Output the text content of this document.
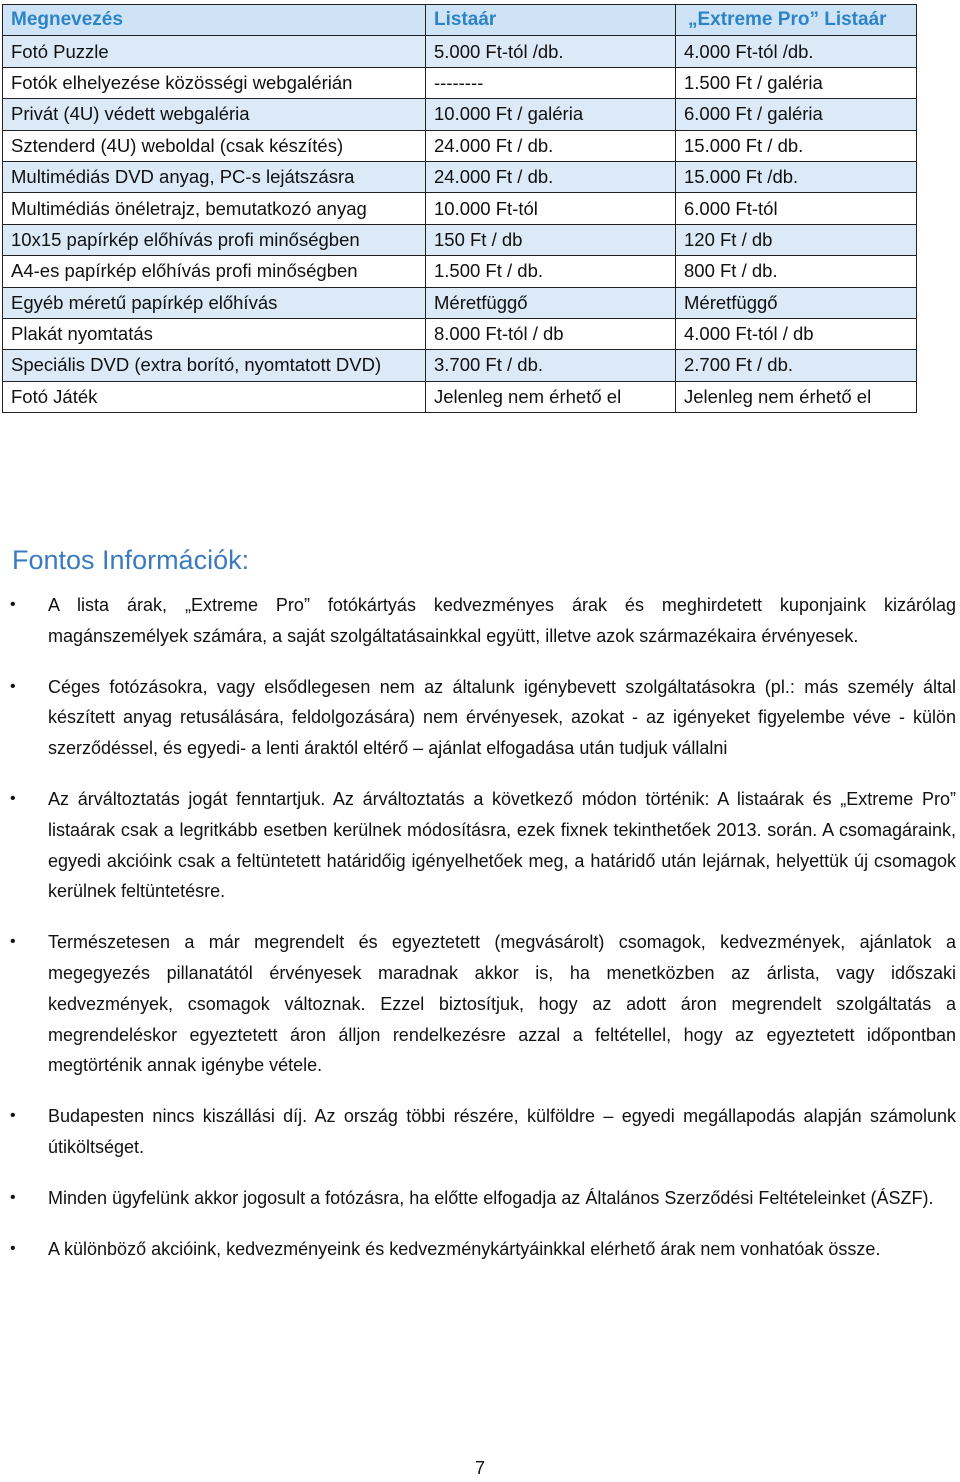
Megnevezés	Listaár	„Extreme Pro” Listaár
Fotó Puzzle	5.000 Ft-tól /db.	4.000 Ft-tól /db.
Fotók elhelyezése közösségi webgalérián	--------	1.500 Ft / galéria
Privát (4U) védett webgaléria	10.000 Ft / galéria	6.000 Ft / galéria
Sztenderd (4U) weboldal (csak készítés)	24.000 Ft / db.	15.000 Ft / db.
Multimédiás DVD anyag, PC-s lejátszásra	24.000 Ft / db.	15.000 Ft /db.
Multimédiás önéletrajz, bemutatkozó anyag	10.000 Ft-tól	6.000 Ft-tól
10x15 papírkép előhívás profi minőségben	150 Ft / db	120 Ft / db
A4-es papírkép előhívás profi minőségben	1.500 Ft / db.	800 Ft / db.
Egyéb méretű papírkép előhívás	Méretfüggő	Méretfüggő
Plakát nyomtatás	8.000 Ft-tól / db	4.000 Ft-tól / db
Speciális DVD (extra borító, nyomtatott DVD)	3.700 Ft / db.	2.700 Ft / db.
Fotó Játék	Jelenleg nem érhető el	Jelenleg nem érhető el
Fontos Információk:
• A lista árak, „Extreme Pro” fotókártyás kedvezményes árak és meghirdetett kuponjaink kizárólag magánszemélyek számára, a saját szolgáltatásainkkal együtt, illetve azok származékaira érvényesek.
• Céges fotózásokra, vagy elsődlegesen nem az általunk igénybevett szolgáltatásokra (pl.: más személy által készített anyag retusálására, feldolgozására) nem érvényesek, azokat - az igényeket figyelembe véve - külön szerződéssel, és egyedi- a lenti áraktól eltérő – ajánlat elfogadása után tudjuk vállalni
• Az árváltoztatás jogát fenntartjuk. Az árváltoztatás a következő módon történik: A listaárak és „Extreme Pro” listaárak csak a legritkább esetben kerülnek módosításra, ezek fixnek tekinthetőek 2013. során. A csomagáraink, egyedi akcióink csak a feltüntetett határidőig igényelhetőek meg, a határidő után lejárnak, helyettük új csomagok kerülnek feltüntetésre.
• Természetesen a már megrendelt és egyeztetett (megvásárolt) csomagok, kedvezmények, ajánlatok a megegyezés pillanatától érvényesek maradnak akkor is, ha menetközben az árlista, vagy időszaki kedvezmények, csomagok változnak. Ezzel biztosítjuk, hogy az adott áron megrendelt szolgáltatás a megrendeléskor egyeztetett áron álljon rendelkezésre azzal a feltétellel, hogy az egyeztetett időpontban megtörténik annak igénybe vétele.
• Budapesten nincs kiszállási díj. Az ország többi részére, külföldre – egyedi megállapodás alapján számolunk útiköltséget.
• Minden ügyfelünk akkor jogosult a fotózásra, ha előtte elfogadja az Általános Szerződési Feltételeinket (ÁSZF).
• A különböző akcióink, kedvezményeink és kedvezménykártyáinkkal elérhető árak nem vonhatóak össze.
7
